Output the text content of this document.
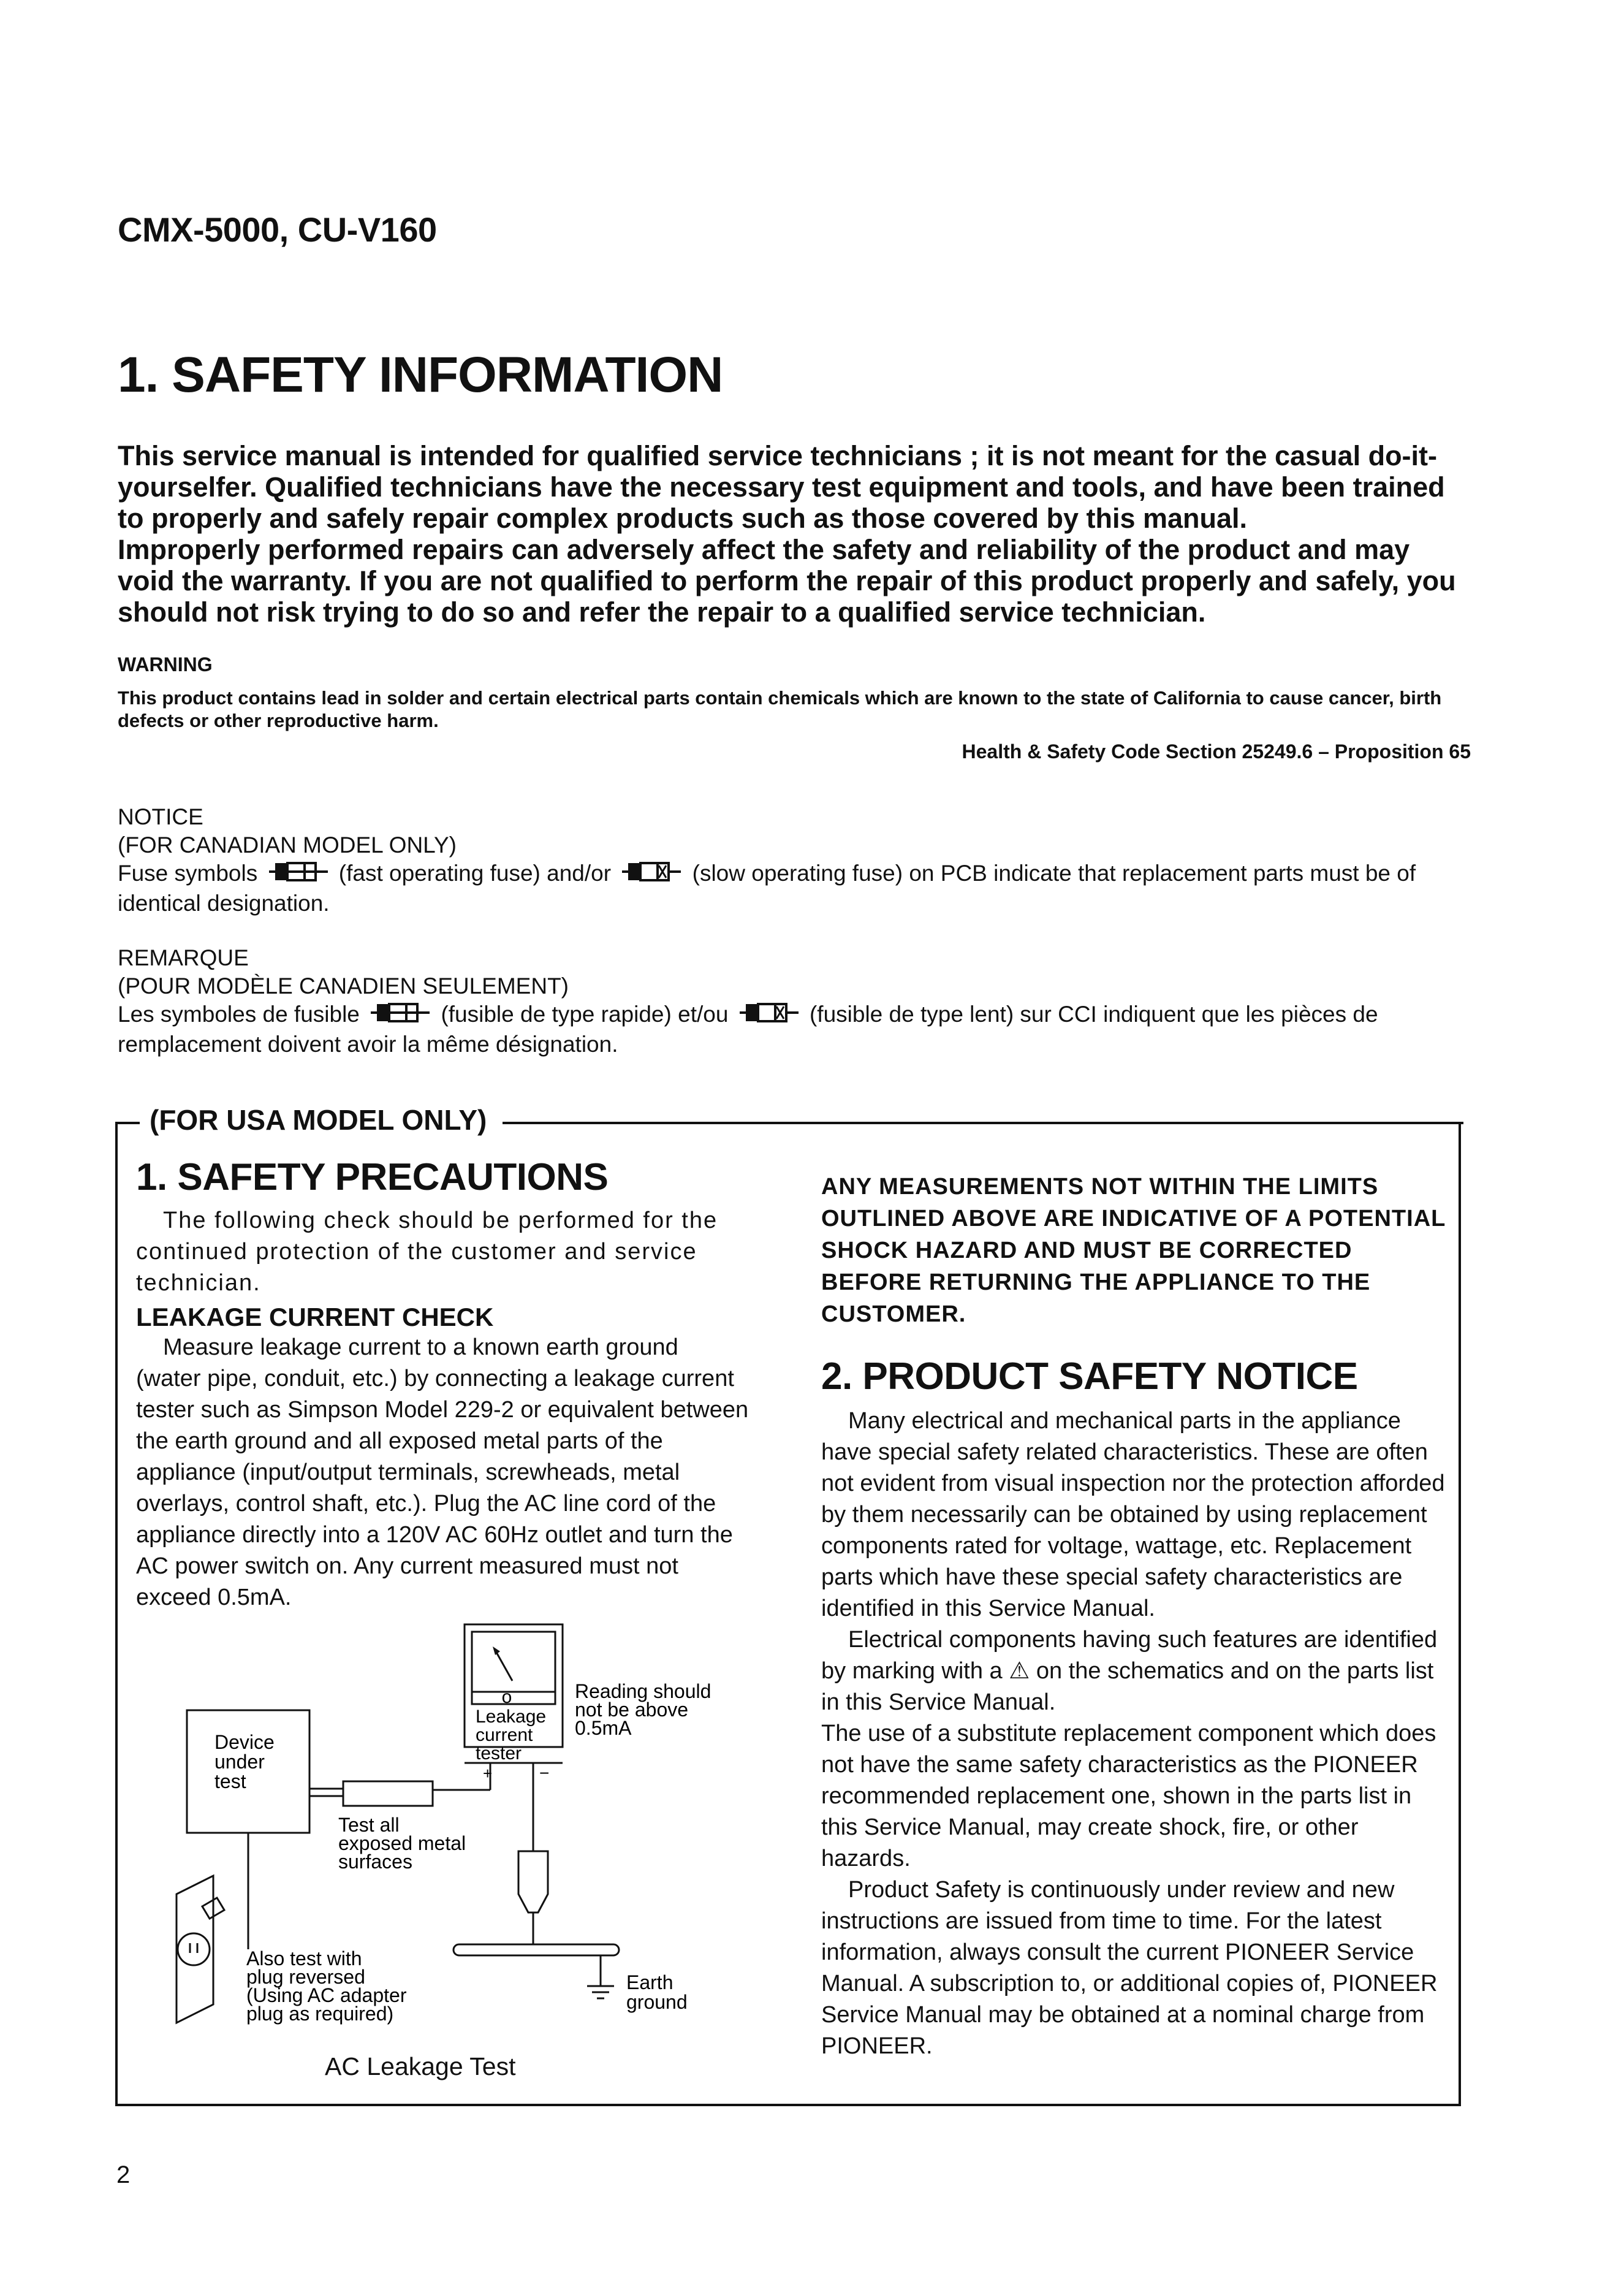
CMX-5000, CU-V160
1. SAFETY INFORMATION

This service manual is intended for qualified service technicians ; it is not meant for the casual do-it-yourselfer. Qualified technicians have the necessary test equipment and tools, and have been trained to properly and safely repair complex products such as those covered by this manual.

Improperly performed repairs can adversely affect the safety and reliability of the product and may void the warranty. If you are not qualified to perform the repair of this product properly and safely, you should not risk trying to do so and refer the repair to a qualified service technician.

WARNING
This product contains lead in solder and certain electrical parts contain chemicals which are known to the state of California to cause cancer, birth defects or other reproductive harm.
Health & Safety Code Section 25249.6 – Proposition 65
NOTICE
(FOR CANADIAN MODEL ONLY)
Fuse symbols	(fast operating fuse) and/or	(slow operating fuse) on PCB indicate that replacement parts must be of identical designation.
REMARQUE
(POUR MODÈLE CANADIEN SEULEMENT)
Les symboles de fusible	(fusible de type rapide) et/ou	(fusible de type lent) sur CCI indiquent que les pièces de remplacement doivent avoir la même désignation.
(FOR USA MODEL ONLY)
1. SAFETY PRECAUTIONS

The following check should be performed for the continued protection of the customer and service technician.

LEAKAGE CURRENT CHECK

Measure leakage current to a known earth ground (water pipe, conduit, etc.) by connecting a leakage current tester such as Simpson Model 229-2 or equivalent between the earth ground and all exposed metal parts of the appliance (input/output terminals, screwheads, metal overlays, control shaft, etc.). Plug the AC line cord of the appliance directly into a 120V AC 60Hz outlet and turn the AC power switch on. Any current measured must not exceed 0.5mA.

o
Leakage
current
tester
Reading should
not be above
0.5mA
+	−
Device
under
test
Test all
exposed metal
surfaces
Also test with
plug reversed
(Using AC adapter
plug as required)
Earth
ground
AC Leakage Test

ANY MEASUREMENTS NOT WITHIN THE LIMITS OUTLINED ABOVE ARE INDICATIVE OF A POTENTIAL SHOCK HAZARD AND MUST BE CORRECTED BEFORE RETURNING THE APPLIANCE TO THE CUSTOMER.

2. PRODUCT SAFETY NOTICE

Many electrical and mechanical parts in the appliance have special safety related characteristics. These are often not evident from visual inspection nor the protection afforded by them necessarily can be obtained by using replacement components rated for voltage, wattage, etc. Replacement parts which have these special safety characteristics are identified in this Service Manual.

Electrical components having such features are identified by marking with a ⚠ on the schematics and on the parts list in this Service Manual.

The use of a substitute replacement component which does not have the same safety characteristics as the PIONEER recommended replacement one, shown in the parts list in this Service Manual, may create shock, fire, or other hazards.

Product Safety is continuously under review and new instructions are issued from time to time. For the latest information, always consult the current PIONEER Service Manual. A subscription to, or additional copies of, PIONEER Service Manual may be obtained at a nominal charge from PIONEER.

2
